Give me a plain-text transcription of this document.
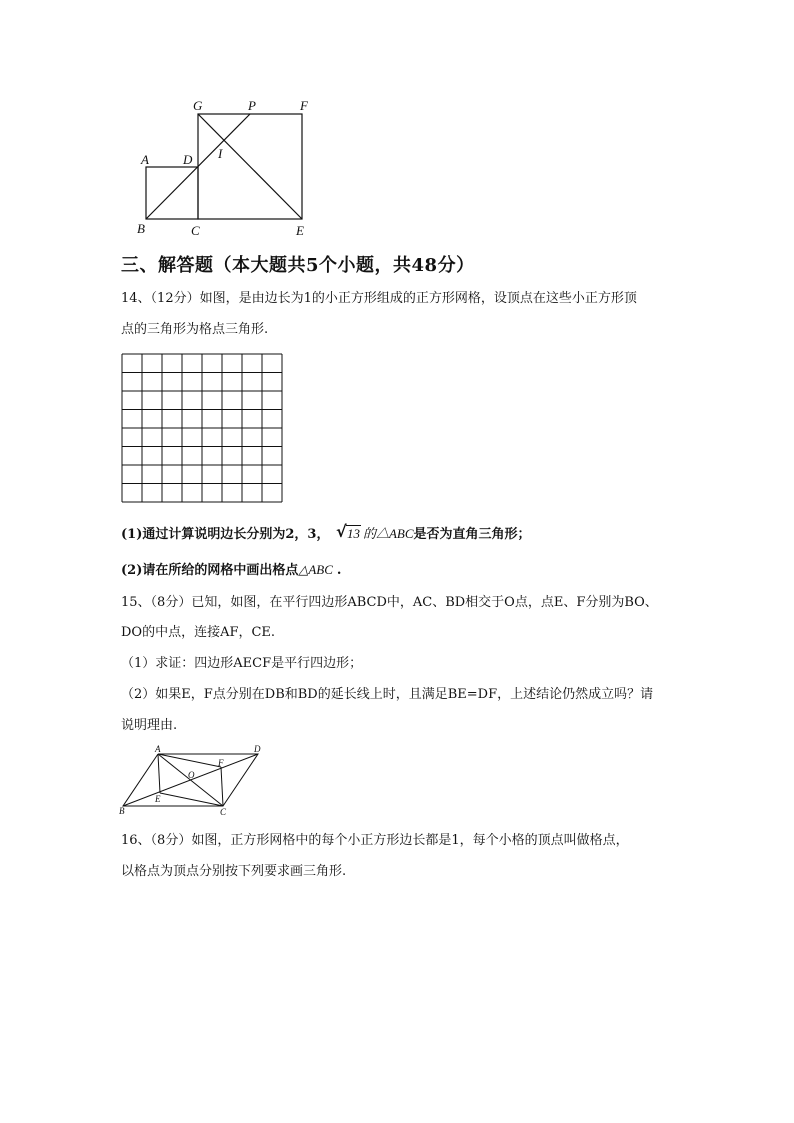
G	P	F
A	D I
B	C	E
三、解答题（本大题共5个小题，共48分）
14、（12分）如图，是由边长为1的小正方形组成的正方形网格，设顶点在这些小正方形顶
点的三角形为格点三角形.
(1)通过计算说明边长分别为2，3， √ 13 的△ABC是否为直角三角形；
(2)请在所给的网格中画出格点△ABC .
15、（8分）已知，如图，在平行四边形ABCD中，AC、BD相交于O点，点E、F分别为BO、
DO的中点，连接AF，CE.
（1）求证：四边形AECF是平行四边形；
（2）如果E，F点分别在DB和BD的延长线上时，且满足BE=DF，上述结论仍然成立吗？请
说明理由.
A	D
F
O
E
B	C
16、（8分）如图，正方形网格中的每个小正方形边长都是1，每个小格的顶点叫做格点，
以格点为顶点分别按下列要求画三角形.
